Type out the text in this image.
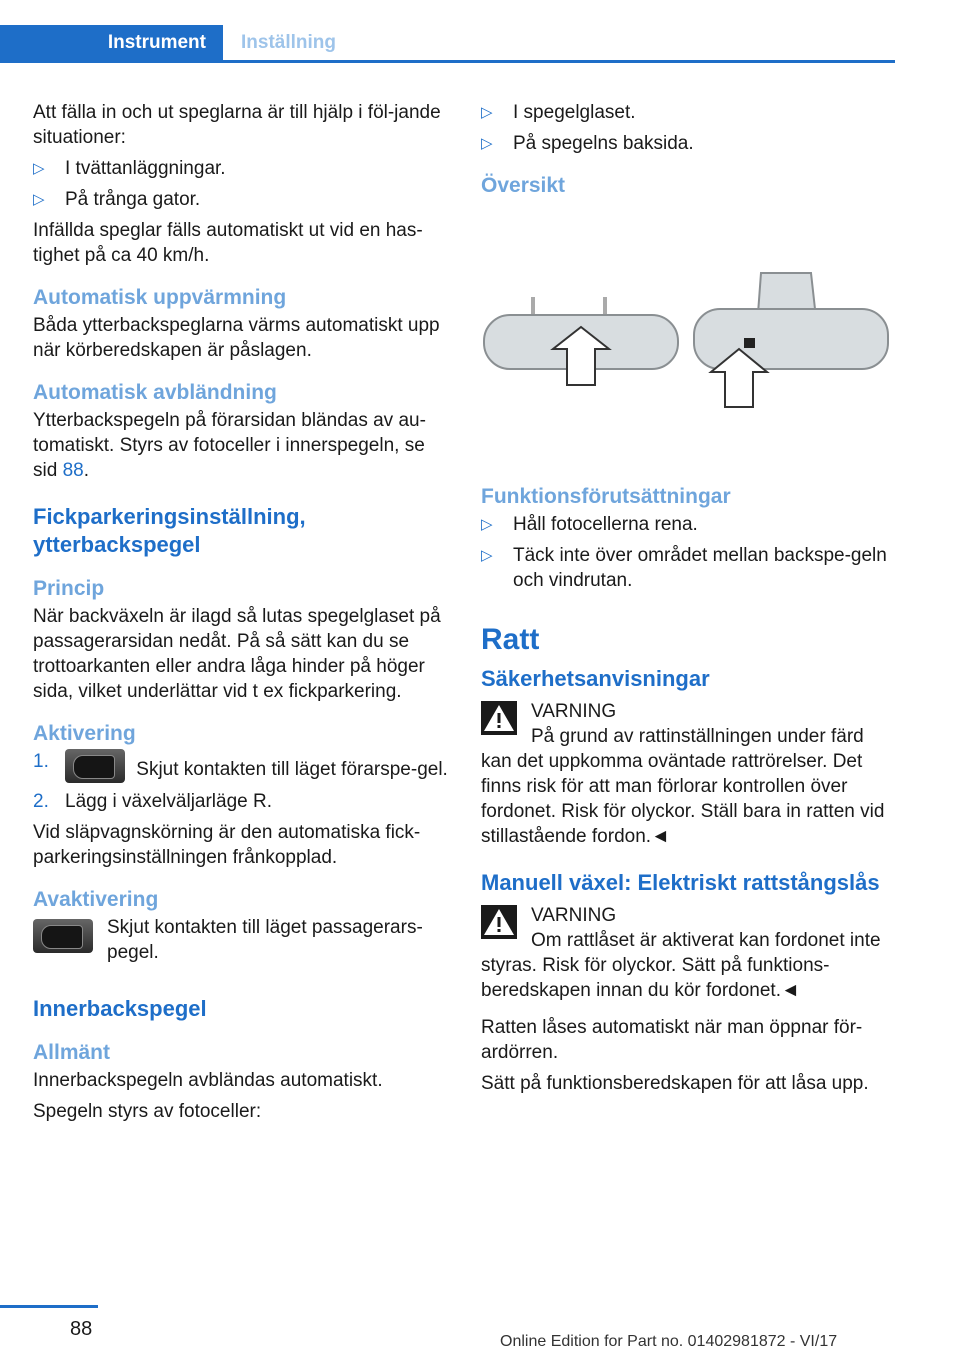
Instrument	Inställning

Att fälla in och ut speglarna är till hjälp i föl-jande situationer:

▷ I tvättanläggningar.
▷ På trånga gator.

Infällda speglar fälls automatiskt ut vid en has-tighet på ca 40 km/h.

Automatisk uppvärmning

Båda ytterbackspeglarna värms automatiskt upp när körberedskapen är påslagen.

Automatisk avbländning

Ytterbackspegeln på förarsidan bländas av au-tomatiskt. Styrs av fotoceller i innerspegeln, se sid 88.

Fickparkeringsinställning, ytterbackspegel
Princip

När backväxeln är ilagd så lutas spegelglaset på passagerarsidan nedåt. På så sätt kan du se trottoarkanten eller andra låga hinder på höger sida, vilket underlättar vid t ex fickparkering.

Aktivering
1.	Skjut kontakten till läget förarspe-gel.
2. Lägg i växelväljarläge R.

Vid släpvagnskörning är den automatiska fick-parkeringsinställningen frånkopplad.

Avaktivering
Skjut kontakten till läget passagerars-pegel.
Innerbackspegel
Allmänt

Innerbackspegeln avbländas automatiskt.

Spegeln styrs av fotoceller:

▷ I spegelglaset.
▷ På spegelns baksida.
Översikt
Funktionsförutsättningar
▷ Håll fotocellerna rena.
▷ Täck inte över området mellan backspe-geln och vindrutan.
Ratt
Säkerhetsanvisningar
VARNING

På grund av rattinställningen under färd kan det uppkomma oväntade rattrörelser. Det finns risk för att man förlorar kontrollen över fordonet. Risk för olyckor. Ställ bara in ratten vid stillastående fordon.◄

Manuell växel: Elektriskt rattstångslås
VARNING

Om rattlåset är aktiverat kan fordonet inte styras. Risk för olyckor. Sätt på funktions-beredskapen innan du kör fordonet.◄

Ratten låses automatiskt när man öppnar för-ardörren.

Sätt på funktionsberedskapen för att låsa upp.

88
Online Edition for Part no. 01402981872 - VI/17
